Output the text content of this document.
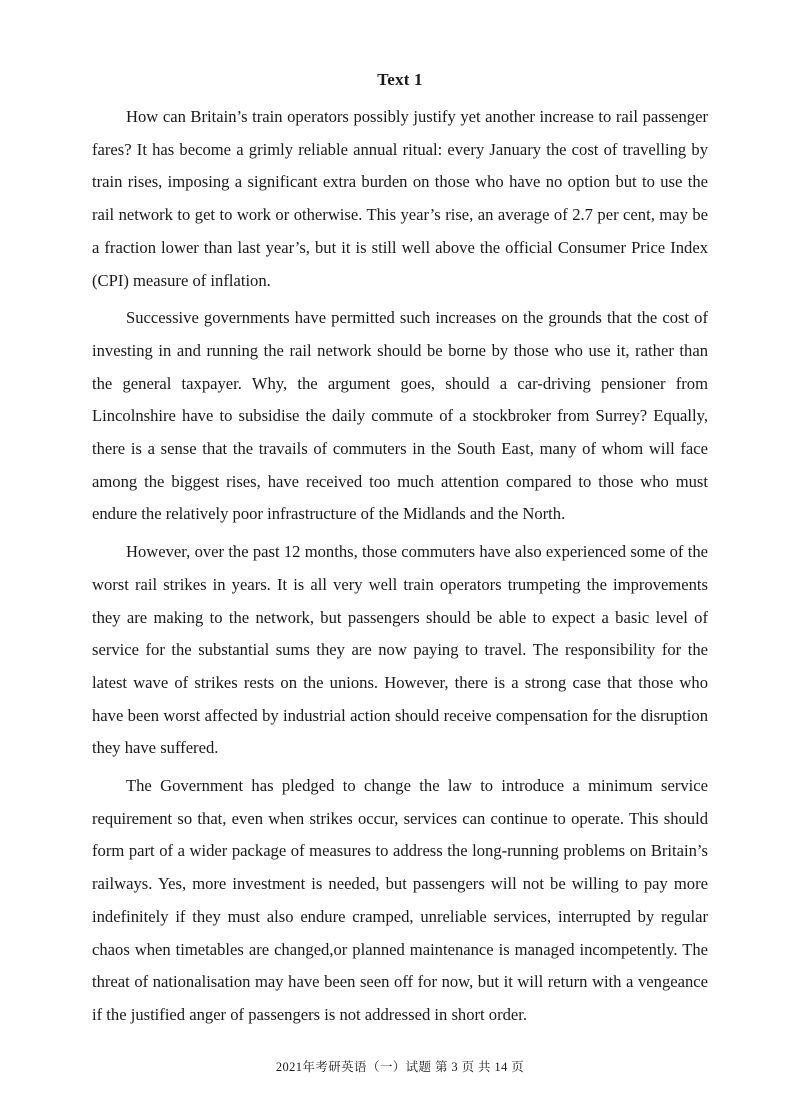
Text 1

How can Britain’s train operators possibly justify yet another increase to rail passenger fares? It has become a grimly reliable annual ritual: every January the cost of travelling by train rises, imposing a significant extra burden on those who have no option but to use the rail network to get to work or otherwise. This year’s rise, an average of 2.7 per cent, may be a fraction lower than last year’s, but it is still well above the official Consumer Price Index (CPI) measure of inflation.

Successive governments have permitted such increases on the grounds that the cost of investing in and running the rail network should be borne by those who use it, rather than the general taxpayer. Why, the argument goes, should a car-driving pensioner from Lincolnshire have to subsidise the daily commute of a stockbroker from Surrey? Equally, there is a sense that the travails of commuters in the South East, many of whom will face among the biggest rises, have received too much attention compared to those who must endure the relatively poor infrastructure of the Midlands and the North.

However, over the past 12 months, those commuters have also experienced some of the worst rail strikes in years. It is all very well train operators trumpeting the improvements they are making to the network, but passengers should be able to expect a basic level of service for the substantial sums they are now paying to travel. The responsibility for the latest wave of strikes rests on the unions. However, there is a strong case that those who have been worst affected by industrial action should receive compensation for the disruption they have suffered.

The Government has pledged to change the law to introduce a minimum service requirement so that, even when strikes occur, services can continue to operate. This should form part of a wider package of measures to address the long-running problems on Britain’s railways. Yes, more investment is needed, but passengers will not be willing to pay more indefinitely if they must also endure cramped, unreliable services, interrupted by regular chaos when timetables are changed,or planned maintenance is managed incompetently. The threat of nationalisation may have been seen off for now, but it will return with a vengeance if the justified anger of passengers is not addressed in short order.

2021年考研英语（一）试题 第 3 页 共 14 页
